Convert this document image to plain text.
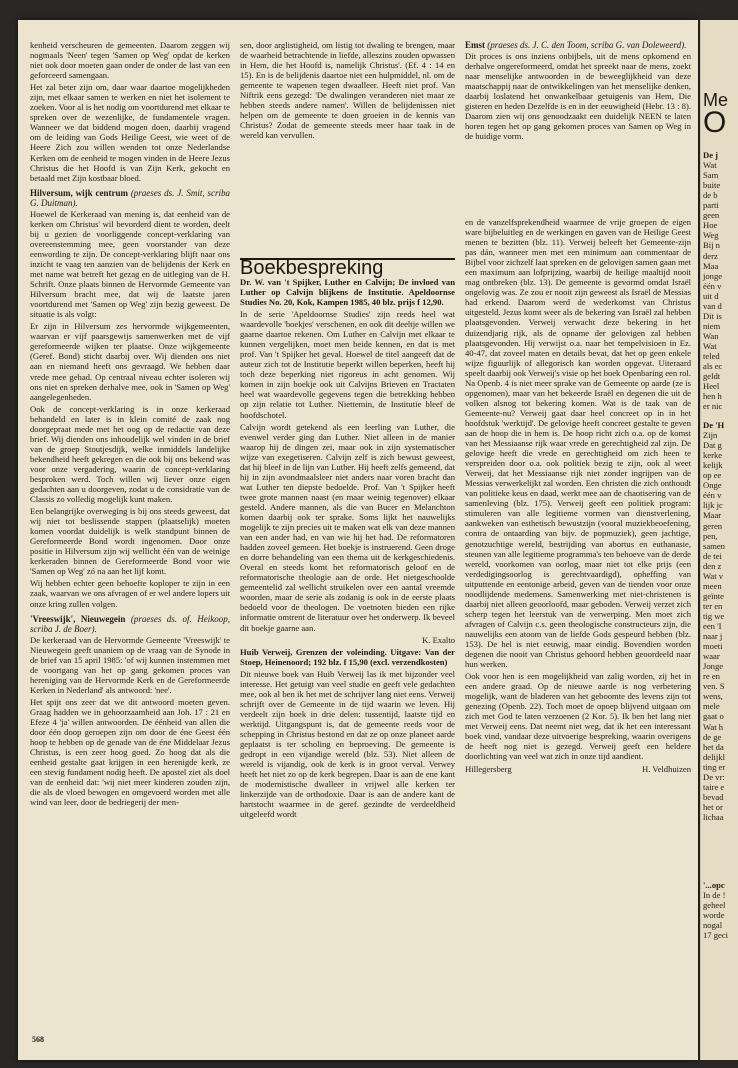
kenheid verscheuren de gemeenten. Daarom zeggen wij nogmaals 'Neen' tegen 'Samen op Weg' opdat de kerken niet ook door moeten gaan onder de onder de last van een geforceerd samengaan.

Het zal beter zijn om, daar waar daartoe mogelijkheden zijn, met elkaar samen te werken en niet het isolement te zoeken. Voor al is het nodig om voortdurend met elkaar te spreken over de wezenlijke, de fundamentele vragen. Wanneer we dat biddend mogen doen, daarbij vragend om de leiding van Gods Heilige Geest, wie weet of de Heere Zich zou willen wenden tot onze Nederlandse Kerken om de eenheid te mogen vinden in de Heere Jezus Christus die het Hoofd is van Zijn Kerk, gekocht en betaald met Zijn kostbaar bloed.

Hilversum, wijk centrum (praeses ds. J. Smit, scriba G. Duitman).

Hoewel de Kerkeraad van mening is, dat eenheid van de kerken om Christus' wil bevorderd dient te worden, deelt bij u gezien de voorliggende concept-verklaring van overeenstemming mee, geen voorstander van deze eenwording te zijn. De concept-verklaring blijft naar ons inzicht te vaag ten aanzien van de belijdenis der Kerk en met name wat betreft het gezag en de uitleging van de H. Schrift. Onze plaats binnen de Hervormde Gemeente van Hilversum bracht mee, dat wij de laatste jaren voortdurend met 'Samen op Weg' zijn bezig geweest. De situatie is als volgt:

Er zijn in Hilversum zes hervormde wijkgemeenten, waarvan er vijf paarsgewijs samenwerken met de vijf gereformeerde wijken ter plaatse. Onze wijkgemeente (Geref. Bond) sticht daarbij over. Wij dienden ons niet aan en niemand heeft ons gevraagd. We hebben daar vrede mee gehad. Op centraal niveau echter isoleren wij ons niet en spreken derhalve mee, ook in 'Samen op Weg' aangelegenheden.

Ook de concept-verklaring is in onze kerkeraad behandeld en later is in klein comité de zaak nog doorgepraat mede met het oog op de redactie van deze brief. Wij dienden ons inhoudelijk wel vinden in de brief van de groep Stoutjesdijk, welke inmiddels landelijke bekendheid heeft gekregen en die ook bij ons bekend was voor onze vergadering, waarin de concept-verklaring besproken werd. Toch willen wij liever onze eigen gedachten aan u doorgeven, zodat u de considratie van de Classis zo volledig mogelijk kunt maken.

Een belangrijke overweging is bij ons steeds geweest, dat wij niet tot beslissende stappen (plaatselijk) moeten komen voordat duidelijk is welk standpunt binnen de Gereformeerde Bond wordt ingenomen. Door onze positie in Hilversum zijn wij wellicht één van de weinige kerkeraden binnen de Gereformeerde Bond voor wie 'Samen op Weg' zó na aan het lijf komt.

Wij hebben echter geen behoefte koploper te zijn in een zaak, waarvan we ons afvragen of er wel andere lopers uit onze kring zullen volgen.

'Vreeswijk', Nieuwegein (praeses ds. of. Heikoop, scriba J. de Boer).

De kerkeraad van de Hervormde Gemeente 'Vreeswijk' te Nieuwegein geeft unaniem op de vraag van de Synode in de brief van 15 april 1985: 'of wij kunnen instemmen met de voortgang van het op gang gekomen proces van hereniging van de Hervormde Kerk en de Gereformeerde Kerken in Nederland' als antwoord: 'nee'.

Het spijt ons zeer dat we dit antwoord moeten geven. Graag hadden we in gehoorzaamheid aan Joh. 17 : 21 en Efeze 4 'ja' willen antwoorden. De éénheid van allen die door één doop geroepen zijn om door de éne Geest één hoop te hebben op de genade van de éne Middelaar Jezus Christus, is een zeer hoog goed. Zo hoog dat als die eenheid gestalte gaat krijgen in een herenigde kerk, ze een stevig fundament nodig heeft. De apostel ziet als doel van de eenheid dat: 'wij niet meer kinderen zouden zijn, die als de vloed bewogen en omgevoerd worden met alle wind van leer, door de bedriegerij der men-

sen, door arglistigheid, om listig tot dwaling te brengen, maar de waarheid betrachtende in liefde, alleszins zouden opwassen in Hem, die het Hoofd is, namelijk Christus'. (Ef. 4 : 14 en 15). En is de belijdenis daartoe niet een hulpmiddel, nl. om de gemeente te wapenen tegen dwaalleer. Heeft niet prof. Van Niftrik eens gezegd: 'De dwalingen veranderen niet maar ze hebben steeds andere namen'. Willen de belijdenissen niet helpen om de gemeente te doen groeien in de kennis van Christus? Zodat de gemeente steeds meer haar taak in de wereld kan vervullen.

Boekbespreking

Dr. W. van 't Spijker, Luther en Calvijn; De invloed van Luther op Calvijn blijkens de Institutie. Apeldoornse Studies No. 20, Kok, Kampen 1985, 40 blz. prijs f 12,90.

In de serie 'Apeldoornse Studies' zijn reeds heel wat waardevolle 'boekjes' verschenen, en ook dit deeltje willen we gaarne daartoe rekenen. Om Luther en Calvijn met elkaar te kunnen vergelijken, moet men beide kennen, en dat is met prof. Van 't Spijker het geval. Hoewel de titel aangeeft dat de auteur zich tot de Institutie beperkt willen beperken, heeft hij toch deze beperking niet rigoreus in acht genomen. Wij komen in zijn boekje ook uit Calvijns Brieven en Tractaten heel wat waardevolle gegevens tegen die betrekking hebben op zijn relatie tot Luther. Niettemin, de Institutie bleef de hoofdschotel.

Calvijn wordt getekend als een leerling van Luther, die evenwel verder ging dan Luther. Niet alleen in de manier waarop hij de dingen zei, maar ook in zijn systematischer wijze van exegetiseren. Calvijn zelf is zich bewust geweest, dat hij bleef in de lijn van Luther. Hij heeft zelfs gemeend, dat hij in zijn avondmaalsleer niet anders naar voren bracht dan wat Luther ten diepste bedoelde. Prof. Van 't Spijker heeft twee grote mannen naast (en maar weinig tegenover) elkaar gesteld. Andere mannen, als die van Bucer en Melanchton komen daarbij ook ter sprake. Soms lijkt het nauwelijks mogelijk te zijn precies uit te maken wat elk van deze mannen van een ander had, en van wie hij het had. De reformatoren hadden zoveel gemeen. Het boekje is instruerend. Geen droge en dorre behandeling van een thema uit de kerkgeschiedenis. Overal en steeds komt het reformatorisch geloof en de reformatorische theologie aan de orde. Het nietgeschoolde gemeentelid zal wellicht struikelen over een aantal vreemde woorden, maar de serie als zodanig is ook in de eerste plaats bedoeld voor de theologen. De voetnoten bieden een rijke informatie omtrent de literatuur over het onderwerp. Ik beveel dit boekje gaarne aan.

K. Exalto

Huib Verweij, Grenzen der voleinding. Uitgave: Van der Stoep, Heinenoord; 192 blz. f 15,90 (excl. verzendkosten)

Dit nieuwe boek van Huib Verweij las ik met bijzonder veel interesse. Het getuigt van veel studie en geeft vele gedachten mee, ook al ben ik het met de schrijver lang niet eens. Verweij schrijft over de Gemeente in de tijd waarin we leven. Hij verdeelt zijn boek in drie delen: tussentijd, laatste tijd en werktijd. Uitgangspunt is, dat de gemeente reeds voor de schepping in Christus bestond en dat ze op onze planeet aarde geplaatst is ter scholing en beproeving. De gemeente is gedropt in een vijandige wereld (blz. 53). Niet alleen de wereld is vijandig, ook de kerk is in groot verval. Verwey heeft het niet zo op de kerk begrepen. Daar is aan de ene kant de modernistische dwalleer in vrijwel alle kerken ter linkerzijde van de orthodoxie. Daar is aan de andere kant de hartstocht waarmee in de geref. gezindte de verdeeldheid uitgeleefd wordt

Emst (praeses ds. J. C. den Toom, scriba G. van Doleweerd).

Dit proces is ons inziens onbijbels, uit de mens opkomend en derhalve ongereformeerd, omdat het spreekt naar de mens, zoekt naar menselijke antwoorden in de beweeglijkheid van deze maatschappij naar de ontwikkelingen van het menselijke denken, daarbij loslatend het onwankelbaar getuigenis van Hem, Die gisteren en heden Dezelfde is en in der eeuwigheid (Hebr. 13 : 8). Daarom zien wij ons genoodzaakt een duidelijk NEEN te laten horen tegen het op gang gekomen proces van Samen op Weg in de huidige vorm.

en de vanzelfsprekendheid waarmee de vrije groepen de eigen ware bijbeluitleg en de werkingen en gaven van de Heilige Geest menen te bezitten (blz. 11). Verweij beleeft het Gemeente-zijn pas dán, wanneer men met een minimum aan commentaar de Bijbel voor zichzelf laat spreken en de gelovigen samen gaan met een maximum aan lofprijzing, waarbij de heilige maaltijd nooit mag ontbreken (blz. 13). De gemeente is gevormd omdat Israël ongelovig was. Ze zou er nooit zijn geweest als Israël de Messias had erkend. Daarom werd de wederkomst van Christus uitgesteld. Jezus komt weer als de bekering van Israël zal hebben plaatsgevonden. Verweij verwacht deze bekering in het duizendjarig rijk, als de opname der gelovigen zal hebben plaatsgevonden. Hij verwijst o.a. naar het tempelvisioen in Ez. 40-47, dat zoveel maten en details bevat, dat het op geen enkele wijze figuurlijk of allegorisch kan worden opgevat. Uiteraard speelt daarbij ook Verweij's visie op het boek Openbaring een rol. Na Openb. 4 is niet meer sprake van de Gemeente op aarde (ze is opgenomen), maar van het bekeerde Israël en degenen die uit de volken alsnog tot bekering komen. Wat is de taak van de Gemeente-nu? Verweij gaat daar heel concreet op in in het hoofdstuk 'werktijd'. De gelovige heeft concreet gestalte te geven aan de hoop die in hem is. De hoop richt zich o.a. op de komst van het Messiaanse rijk waar vrede en gerechtigheid zal zijn. De gelovige heeft die vrede en gerechtigheid om zich heen te verspreiden door o.a. ook politiek bezig te zijn, ook al weet Verweij, dat het Messiaanse rijk niet zonder ingrijpen van de Messias verwerkelijkt zal worden. Een christen die zich onthoudt van politieke keus en daad, werkt mee aan de chaotisering van de samenleving (blz. 175). Verweij geeft een politiek program: stimuleren van alle legitieme vormen van dienstverlening, aankweken van esthetisch bewustzijn (vooral muziekbeoefening, contra de ontaarding van bijv. de popmuziek), geen jachtige, genotzuchtige wereld, bestrijding van abortus en euthanasie, steunen van alle legitieme programma's ten behoeve van de derde wereld, voorkomen van oorlog, maar niet tot elke prijs (een verdedigingsoorlog is gerechtvaardigd), opheffing van uitputtende en eentonige arbeid, geven van de tienden voor onze noodlijdende medemens. Samenwerking met niet-christenen is daarbij niet alleen geoorloofd, maar geboden. Verweij verzet zich scherp tegen het leerstuk van de verwerping. Men moet zich afvragen of Calvijn c.s. geen theologische constructeurs zijn, die nauwelijks een atoom van de liefde Gods gespeurd hebben (blz. 153). De hel is niet eeuwig, maar eindig. Bovendien worden degenen die nooit van Christus gehoord hebben geoordeeld naar hun werken.

Ook voor hen is een mogelijkheid van zalig worden, zij het in een andere graad. Op de nieuwe aarde is nog verbetering mogelijk, want de bladeren van het geboomte des levens zijn tot genezing (Openb. 22). Toch moet de opoep blijvend uitgaan om zich met God te laten verzoenen (2 Kor. 5). Ik ben het lang niet met Verweij eens. Dat neemt niet weg, dat ik het een interessant boek vind, vandaar deze uitvoerige bespreking, waarin overigens de heeft nog niet is gezegd. Verweij geeft een heldere doorlichting van veel wat zich in onze tijd aandient.

Hillegersberg	H. Veldhuizen
568
Me
O
De j
Wat
Sam
buite
de b
parti
geen
Hoe
Weg
Bij n
derz
Maa
jonge
één v
uit d
van d
Dit is
niem
Wan
Wat
teled
als ec
geldt
Heel
hen h
er nic
De 'H
Zijn
Dat g
kerke
kelijk
op ee
Onge
één v
lijk jc
Maar
geren
pen,
samen
de tei
den z
Wat v
meen
geïnte
ter en
tig we
een 'I
naar j
moeti
waar
Jonge
re en
ven. S
wens,
mele
gaat o
Wat h
de ge
het da
delijkl
ting er
De vr:
taire e
bevad
het or
lichaa
'...opc
In de !
geheel
worde
nogal
17 geci
